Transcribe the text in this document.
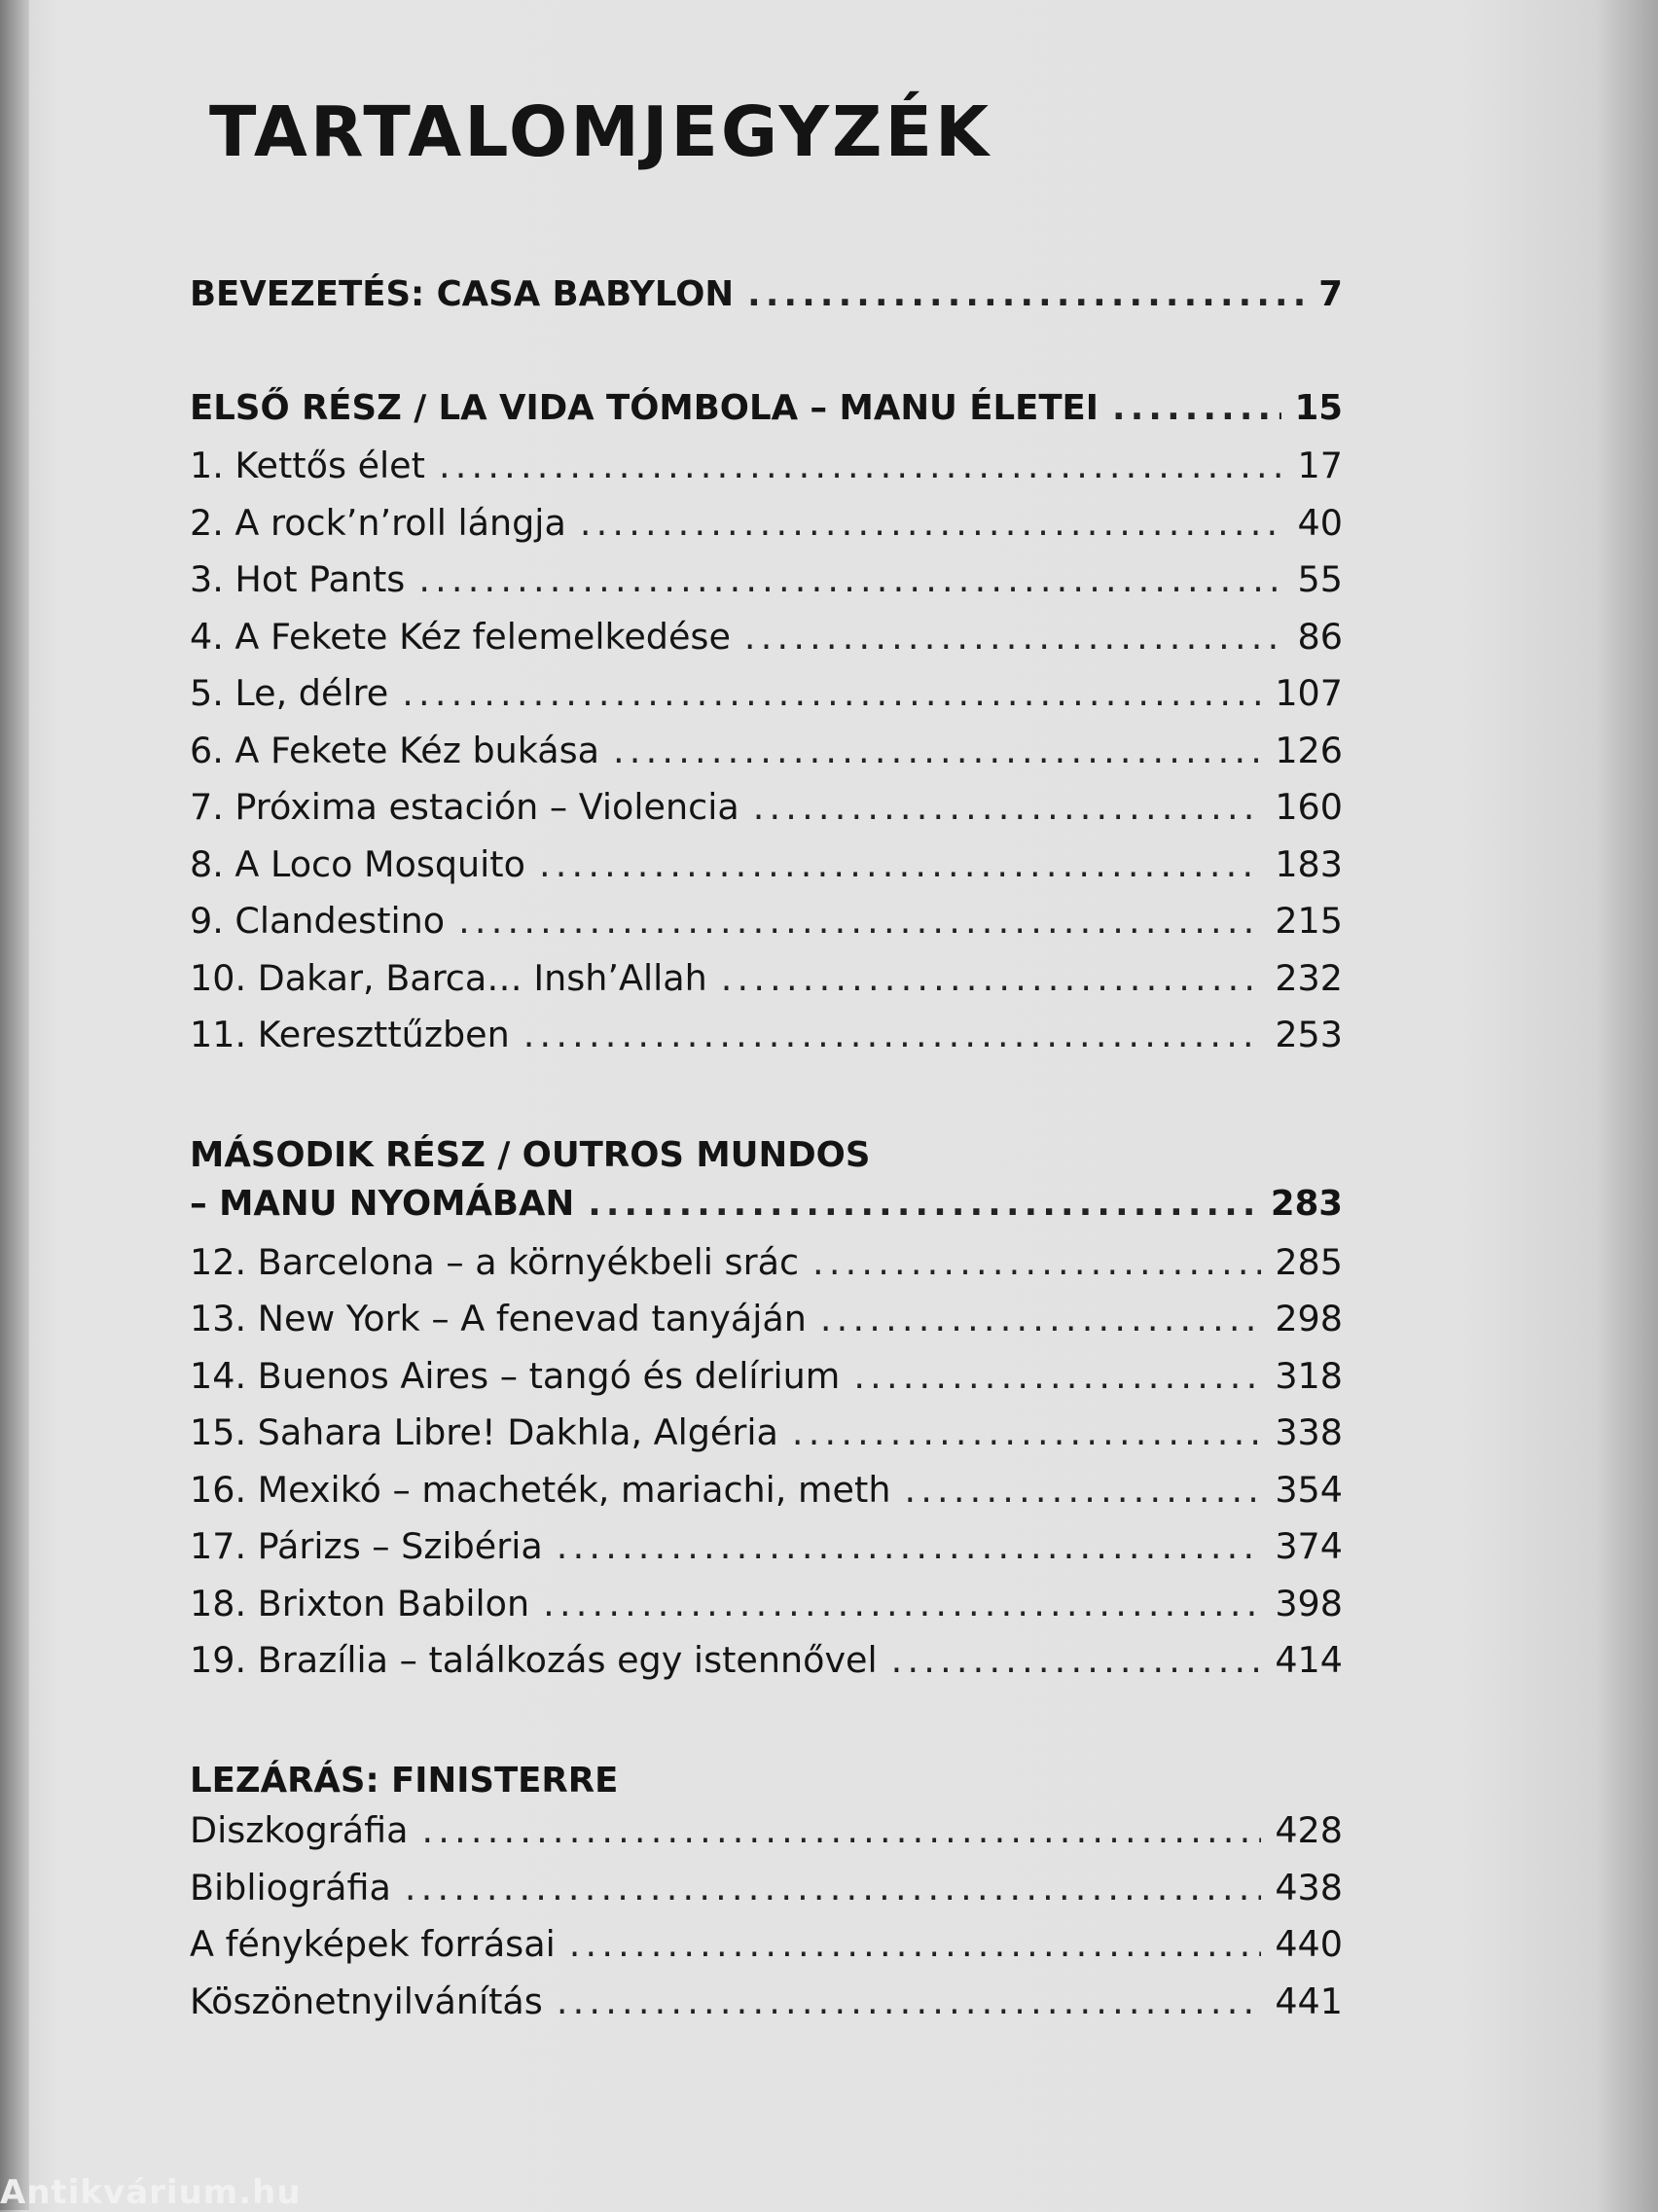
TARTALOMJEGYZÉK
BEVEZETÉS: CASA BABYLON .....	7
ELSŐ RÉSZ / LA VIDA TÓMBOLA – MANU ÉLETEI .....	15
1. Kettős élet .....	17
2. A rock’n’roll lángja .....	40
3. Hot Pants .....	55
4. A Fekete Kéz felemelkedése .....	86
5. Le, délre .....	107
6. A Fekete Kéz bukása .....	126
7. Próxima estación – Violencia .....	160
8. A Loco Mosquito .....	183
9. Clandestino .....	215
10. Dakar, Barca… Insh’Allah .....	232
11. Kereszttűzben .....	253
MÁSODIK RÉSZ / OUTROS MUNDOS
– MANU NYOMÁBAN .....	283
12. Barcelona – a környékbeli srác .....	285
13. New York – A fenevad tanyáján .....	298
14. Buenos Aires – tangó és delírium .....	318
15. Sahara Libre! Dakhla, Algéria .....	338
16. Mexikó – macheték, mariachi, meth .....	354
17. Párizs – Szibéria .....	374
18. Brixton Babilon .....	398
19. Brazília – találkozás egy istennővel .....	414
LEZÁRÁS: FINISTERRE
Diszkográfia .....	428
Bibliográfia .....	438
A fényképek forrásai .....	440
Köszönetnyilvánítás .....	441
Antikvárium.hu
